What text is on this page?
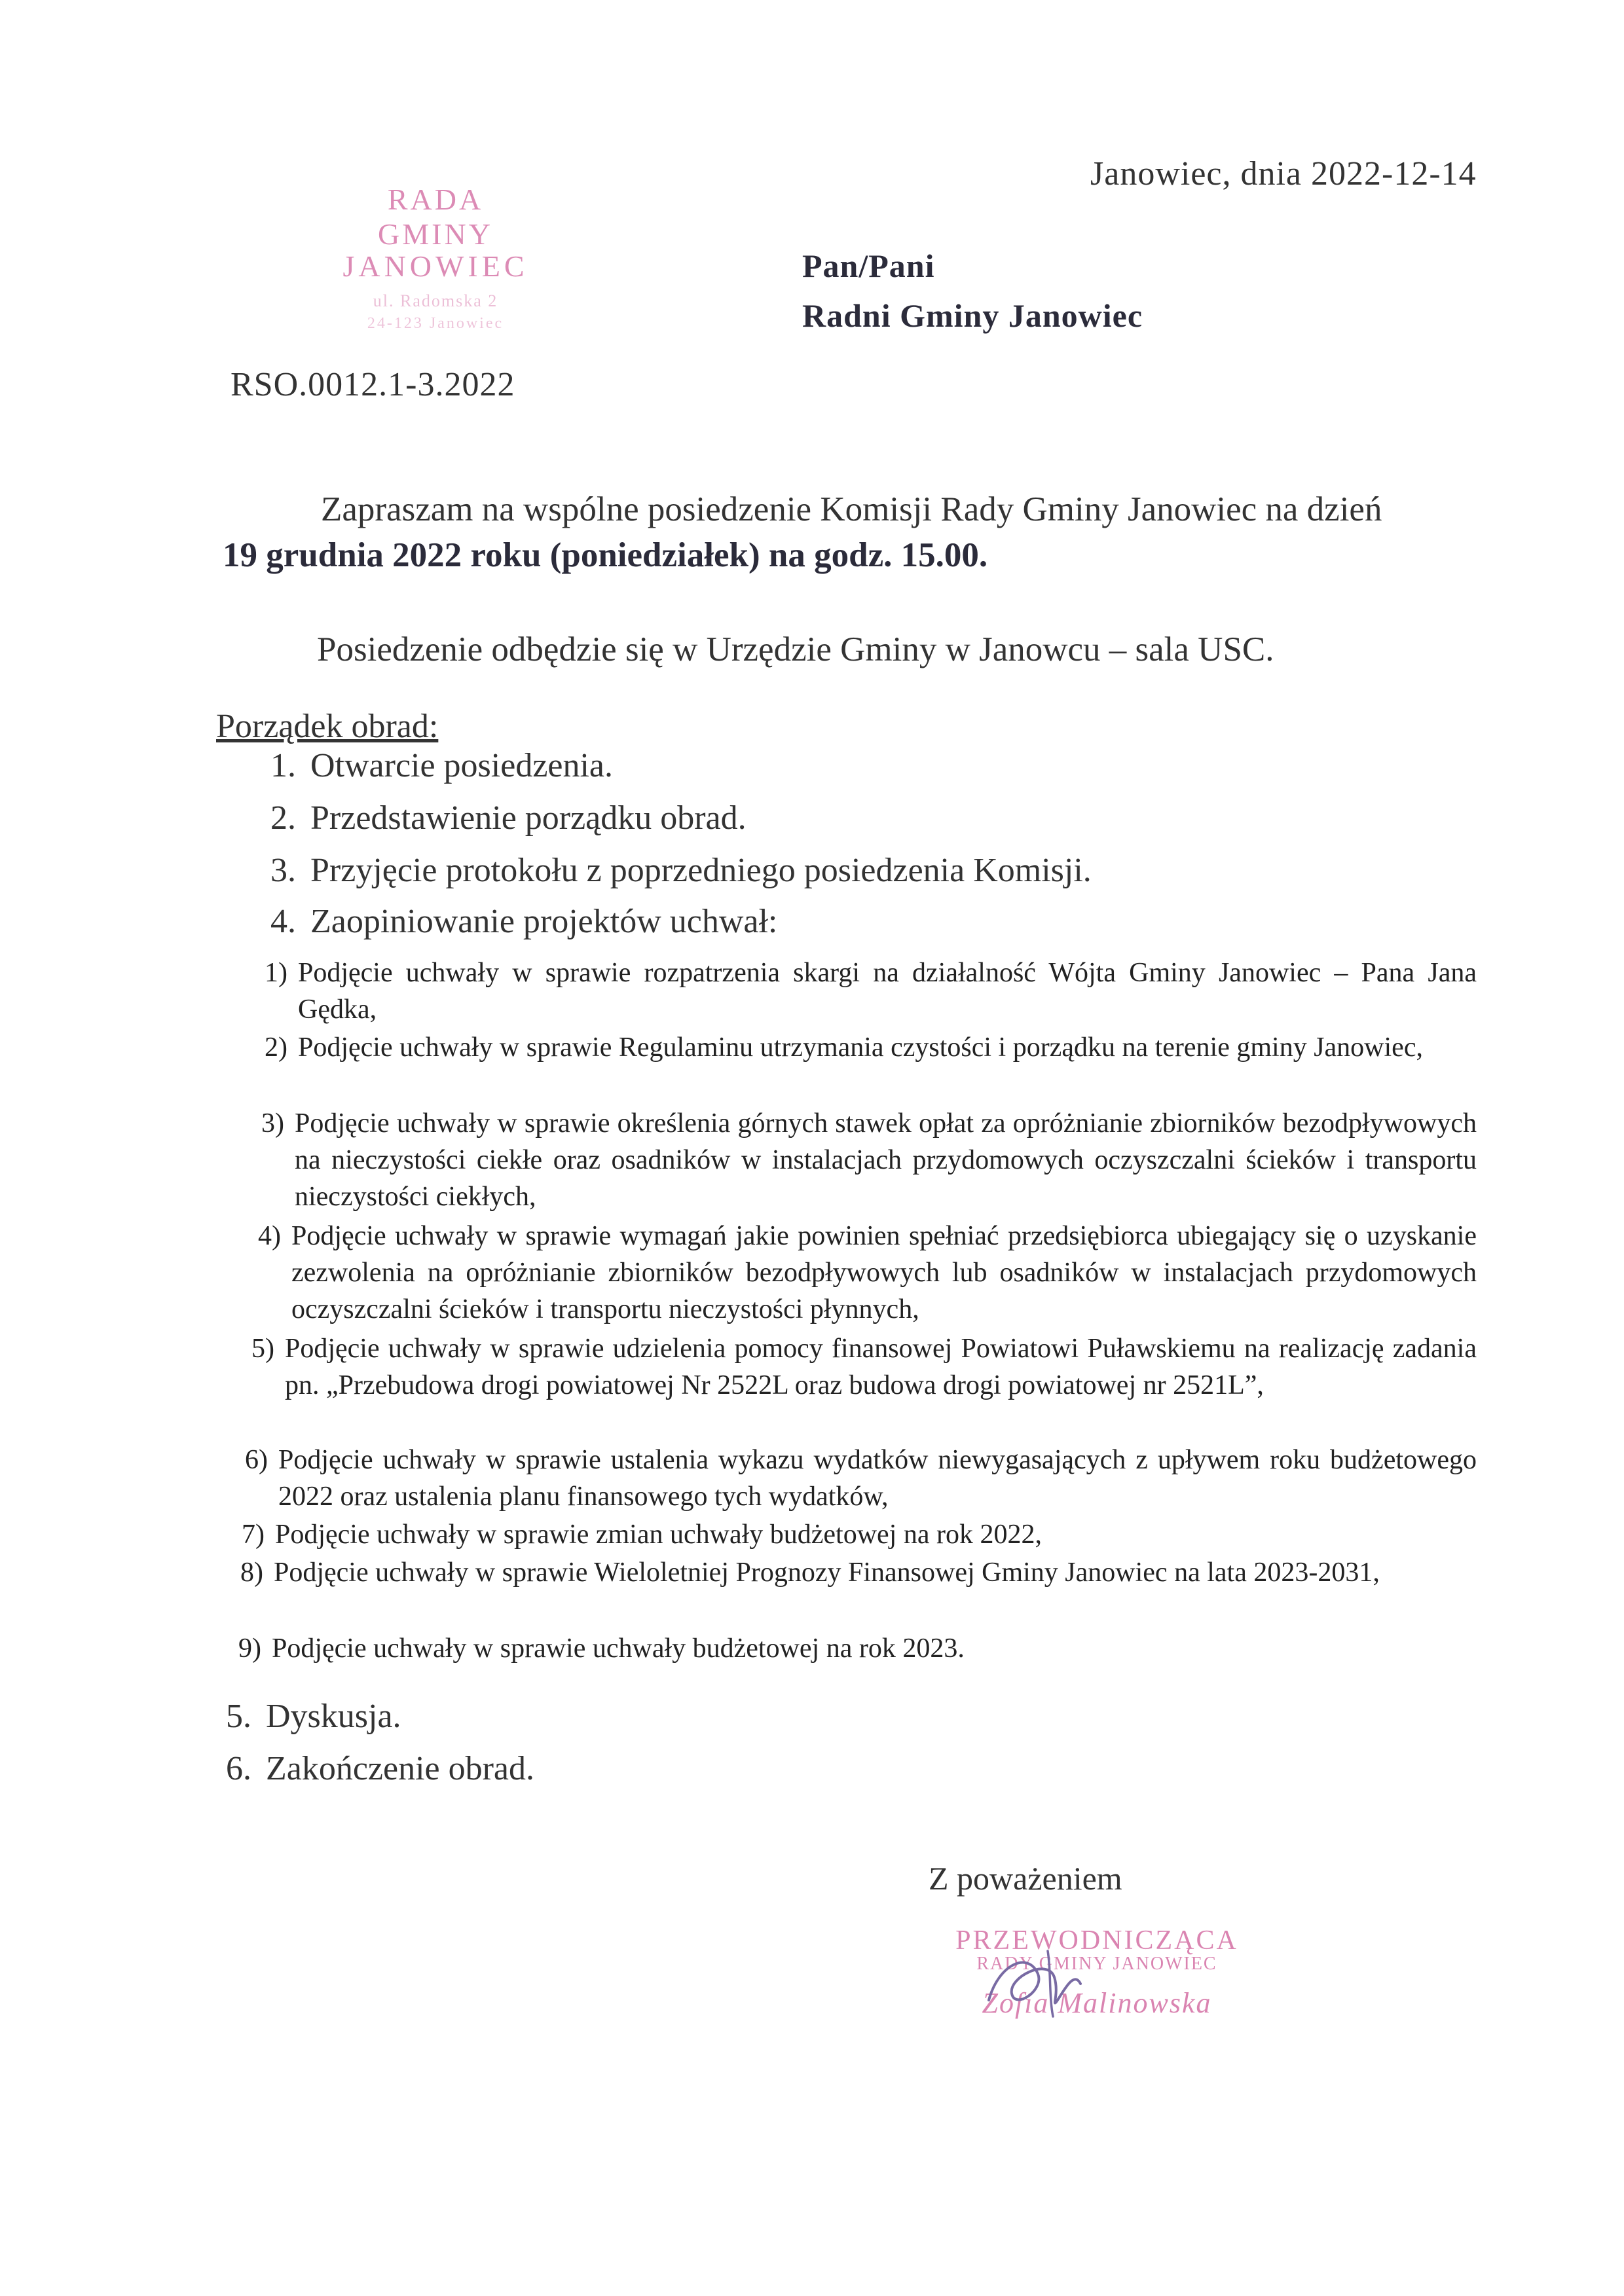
Janowiec, dnia 2022-12-14
RADA GMINY
JANOWIEC
ul. Radomska 2
24-123 Janowiec
Pan/Pani
Radni Gminy Janowiec
RSO.0012.1-3.2022
Zapraszam na wspólne posiedzenie Komisji Rady Gminy Janowiec na dzień
19 grudnia 2022 roku (poniedziałek) na godz. 15.00.
Posiedzenie odbędzie się w Urzędzie Gminy w Janowcu – sala USC.
Porządek obrad:
1. Otwarcie posiedzenia.
2. Przedstawienie porządku obrad.
3. Przyjęcie protokołu z poprzedniego posiedzenia Komisji.
4. Zaopiniowanie projektów uchwał:
1) Podjęcie uchwały w sprawie rozpatrzenia skargi na działalność Wójta Gminy Janowiec – Pana Jana Gędka,
2) Podjęcie uchwały w sprawie Regulaminu utrzymania czystości i porządku na terenie gminy Janowiec,
3) Podjęcie uchwały w sprawie określenia górnych stawek opłat za opróżnianie zbiorników bezodpływowych na nieczystości ciekłe oraz osadników w instalacjach przydomowych oczyszczalni ścieków i transportu nieczystości ciekłych,
4) Podjęcie uchwały w sprawie wymagań jakie powinien spełniać przedsiębiorca ubiegający się o uzyskanie zezwolenia na opróżnianie zbiorników bezodpływowych lub osadników w instalacjach przydomowych oczyszczalni ścieków i transportu nieczystości płynnych,
5) Podjęcie uchwały w sprawie udzielenia pomocy finansowej Powiatowi Puławskiemu na realizację zadania pn. „Przebudowa drogi powiatowej Nr 2522L oraz budowa drogi powiatowej nr 2521L”,
6) Podjęcie uchwały w sprawie ustalenia wykazu wydatków niewygasających z upływem roku budżetowego 2022 oraz ustalenia planu finansowego tych wydatków,
7) Podjęcie uchwały w sprawie zmian uchwały budżetowej na rok 2022,
8) Podjęcie uchwały w sprawie Wieloletniej Prognozy Finansowej Gminy Janowiec na lata 2023-2031,
9) Podjęcie uchwały w sprawie uchwały budżetowej na rok 2023.
5. Dyskusja.
6. Zakończenie obrad.
Z poważeniem
PRZEWODNICZĄCA
RADY GMINY JANOWIEC
Zofia Malinowska
